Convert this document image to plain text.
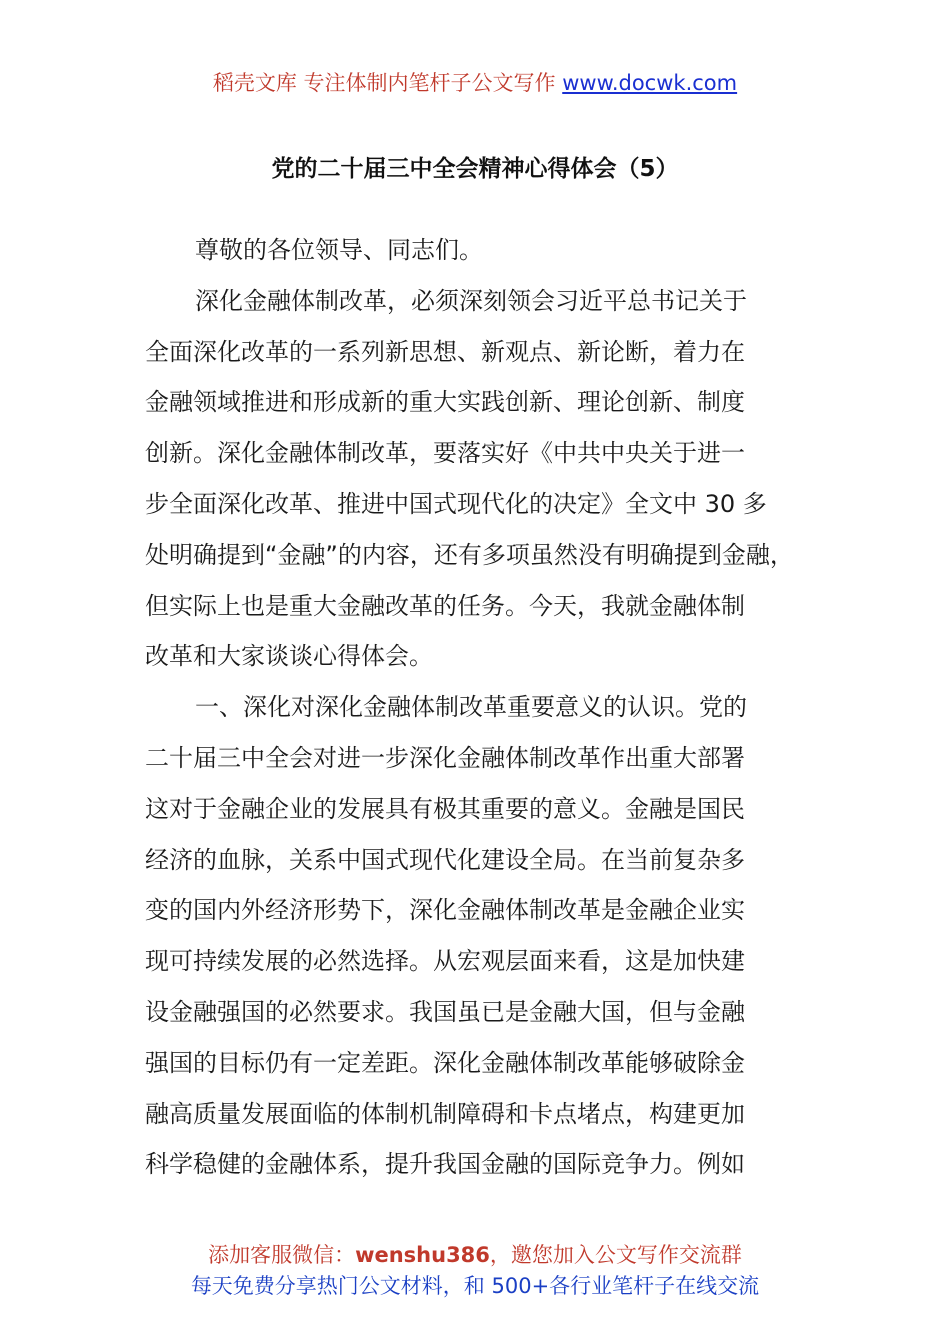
稻壳文库 专注体制内笔杆子公文写作 www.docwk.com
党的二十届三中全会精神心得体会（5）
尊敬的各位领导、同志们。
深化金融体制改革，必须深刻领会习近平总书记关于
全面深化改革的一系列新思想、新观点、新论断，着力在
金融领域推进和形成新的重大实践创新、理论创新、制度
创新。深化金融体制改革，要落实好《中共中央关于进一
步全面深化改革、推进中国式现代化的决定》全文中 30 多
处明确提到“金融”的内容，还有多项虽然没有明确提到金融，
但实际上也是重大金融改革的任务。今天，我就金融体制
改革和大家谈谈心得体会。
一、深化对深化金融体制改革重要意义的认识。党的
二十届三中全会对进一步深化金融体制改革作出重大部署
这对于金融企业的发展具有极其重要的意义。金融是国民
经济的血脉，关系中国式现代化建设全局。在当前复杂多
变的国内外经济形势下，深化金融体制改革是金融企业实
现可持续发展的必然选择。从宏观层面来看，这是加快建
设金融强国的必然要求。我国虽已是金融大国，但与金融
强国的目标仍有一定差距。深化金融体制改革能够破除金
融高质量发展面临的体制机制障碍和卡点堵点，构建更加
科学稳健的金融体系，提升我国金融的国际竞争力。例如
添加客服微信：wenshu386，邀您加入公文写作交流群
每天免费分享热门公文材料，和 500+各行业笔杆子在线交流
